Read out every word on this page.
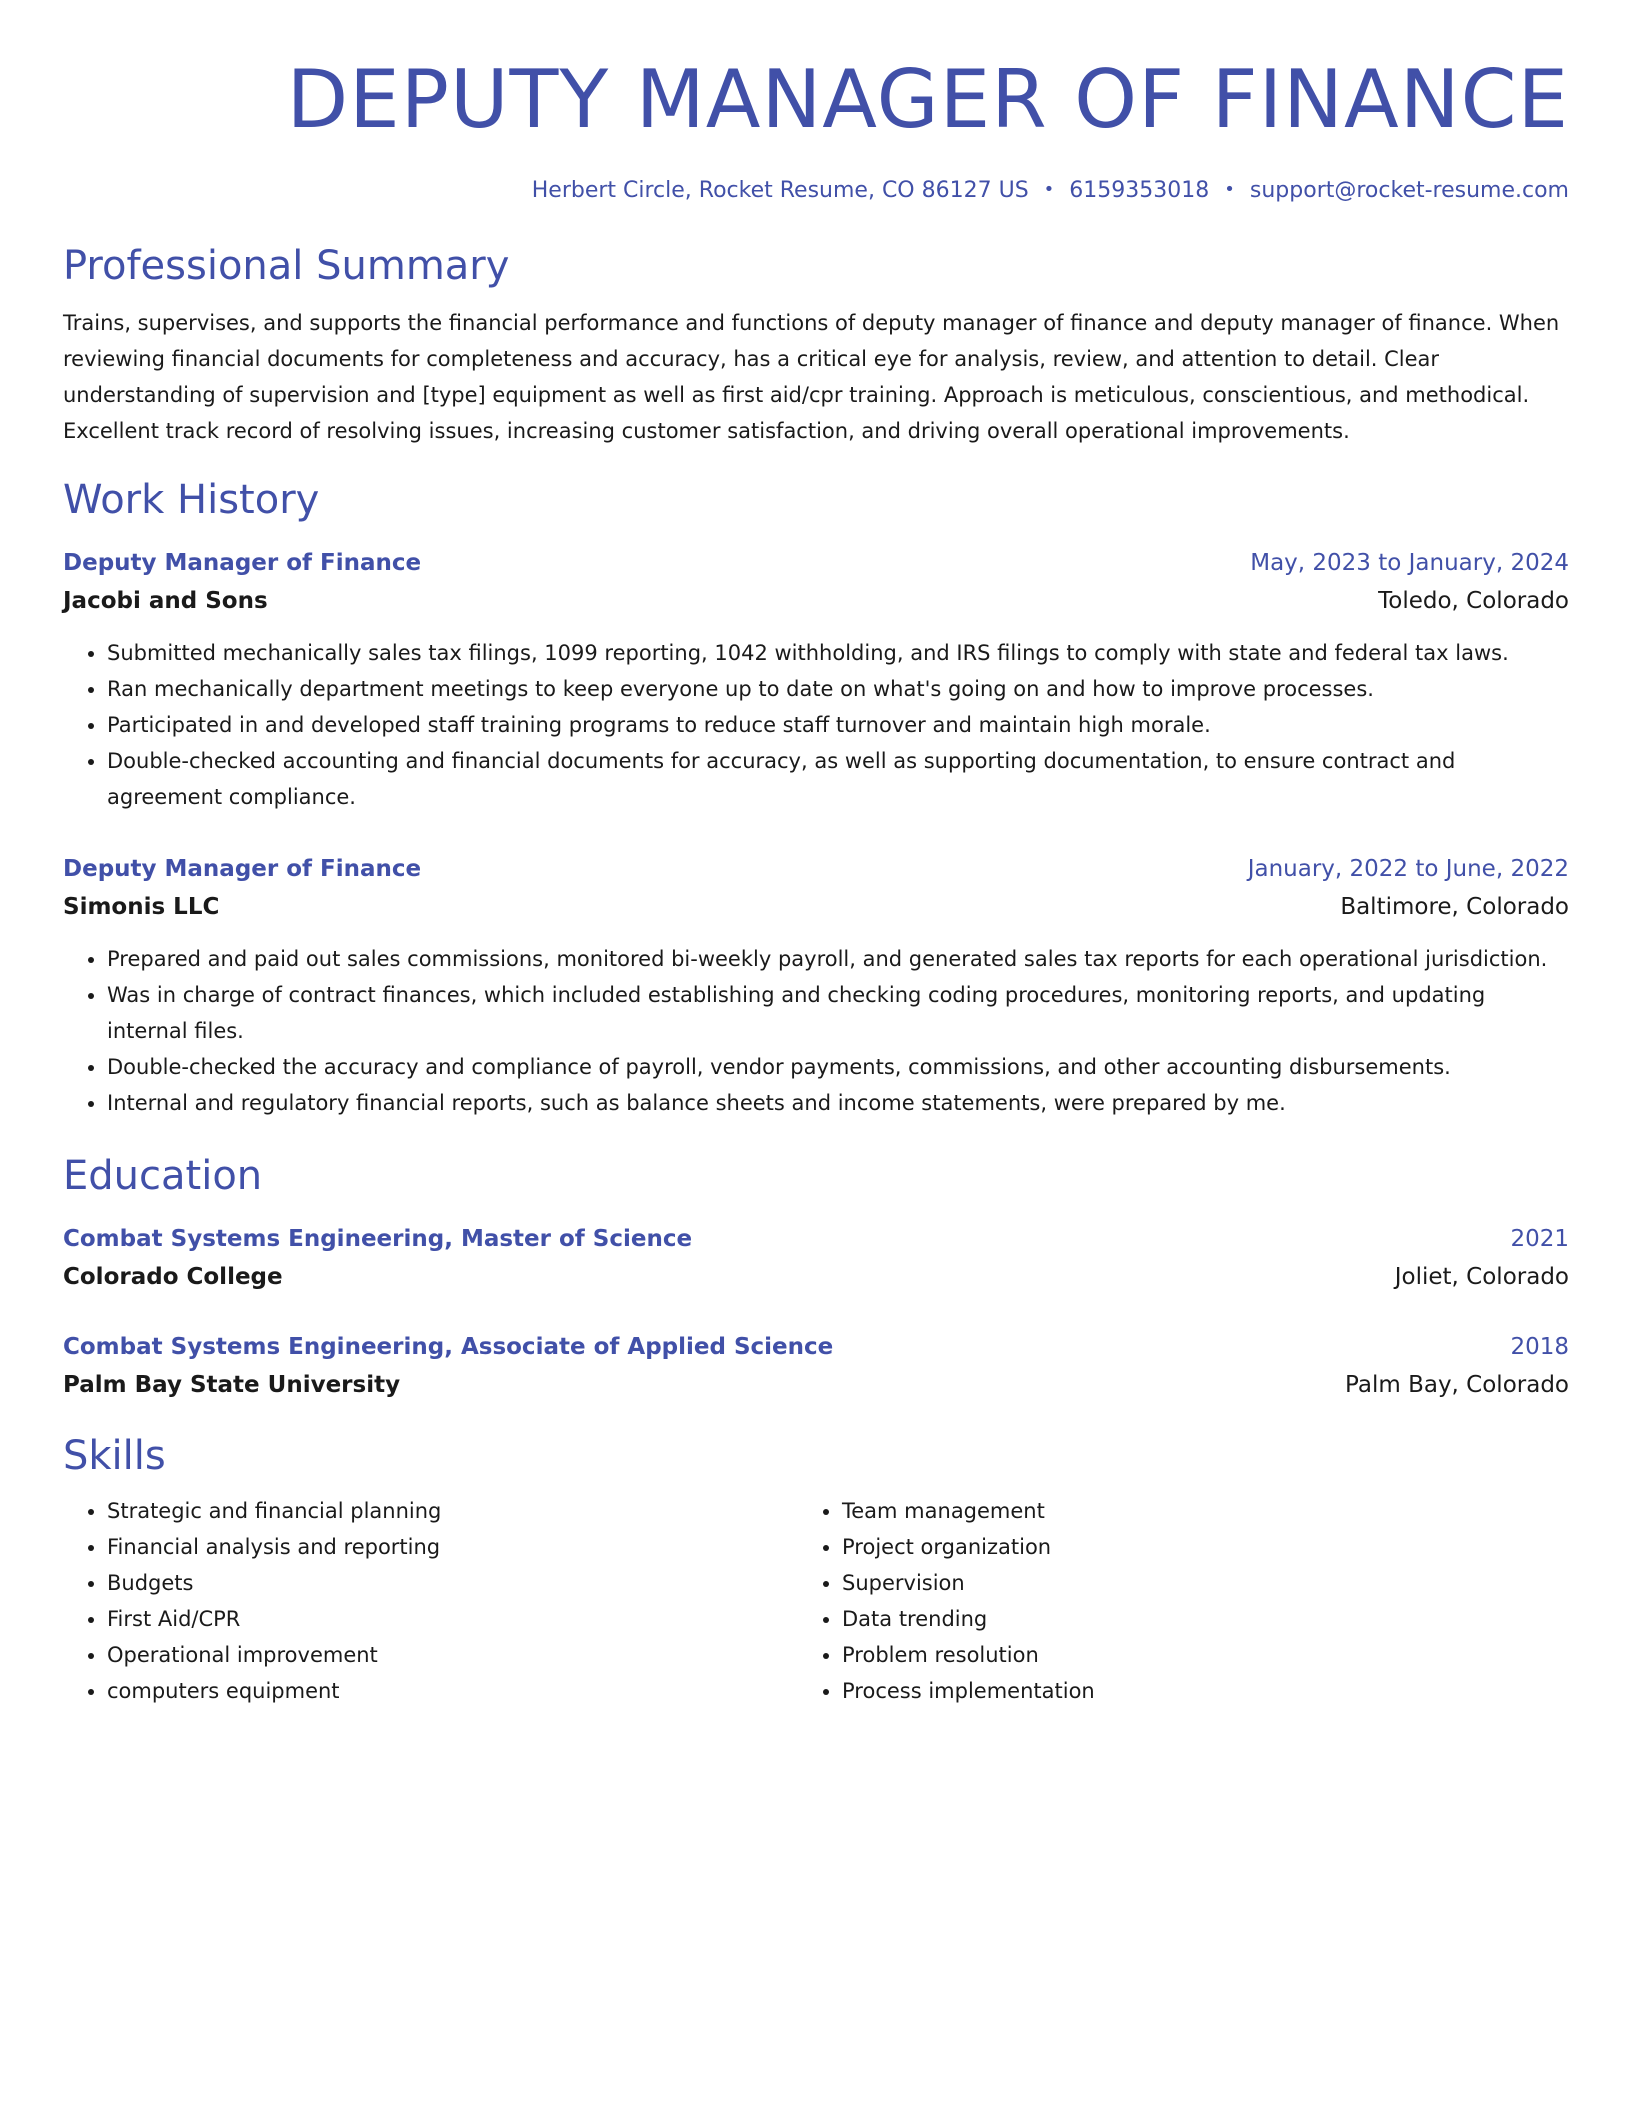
DEPUTY MANAGER OF FINANCE
Herbert Circle, Rocket Resume, CO 86127 US • 6159353018 • support@rocket-resume.com
Professional Summary
Trains, supervises, and supports the financial performance and functions of deputy manager of finance and deputy manager of finance. When reviewing financial documents for completeness and accuracy, has a critical eye for analysis, review, and attention to detail. Clear understanding of supervision and [type] equipment as well as first aid/cpr training. Approach is meticulous, conscientious, and methodical. Excellent track record of resolving issues, increasing customer satisfaction, and driving overall operational improvements.
Work History
Deputy Manager of Finance	May, 2023 to January, 2024
Jacobi and Sons	Toledo, Colorado
• Submitted mechanically sales tax filings, 1099 reporting, 1042 withholding, and IRS filings to comply with state and federal tax laws.
• Ran mechanically department meetings to keep everyone up to date on what's going on and how to improve processes.
• Participated in and developed staff training programs to reduce staff turnover and maintain high morale.
• Double-checked accounting and financial documents for accuracy, as well as supporting documentation, to ensure contract and agreement compliance.
Deputy Manager of Finance	January, 2022 to June, 2022
Simonis LLC	Baltimore, Colorado
• Prepared and paid out sales commissions, monitored bi-weekly payroll, and generated sales tax reports for each operational jurisdiction.
• Was in charge of contract finances, which included establishing and checking coding procedures, monitoring reports, and updating internal files.
• Double-checked the accuracy and compliance of payroll, vendor payments, commissions, and other accounting disbursements.
• Internal and regulatory financial reports, such as balance sheets and income statements, were prepared by me.
Education
Combat Systems Engineering, Master of Science	2021
Colorado College	Joliet, Colorado
Combat Systems Engineering, Associate of Applied Science	2018
Palm Bay State University	Palm Bay, Colorado
Skills
• Strategic and financial planning
• Financial analysis and reporting
• Budgets
• First Aid/CPR
• Operational improvement
• computers equipment
• Team management
• Project organization
• Supervision
• Data trending
• Problem resolution
• Process implementation
